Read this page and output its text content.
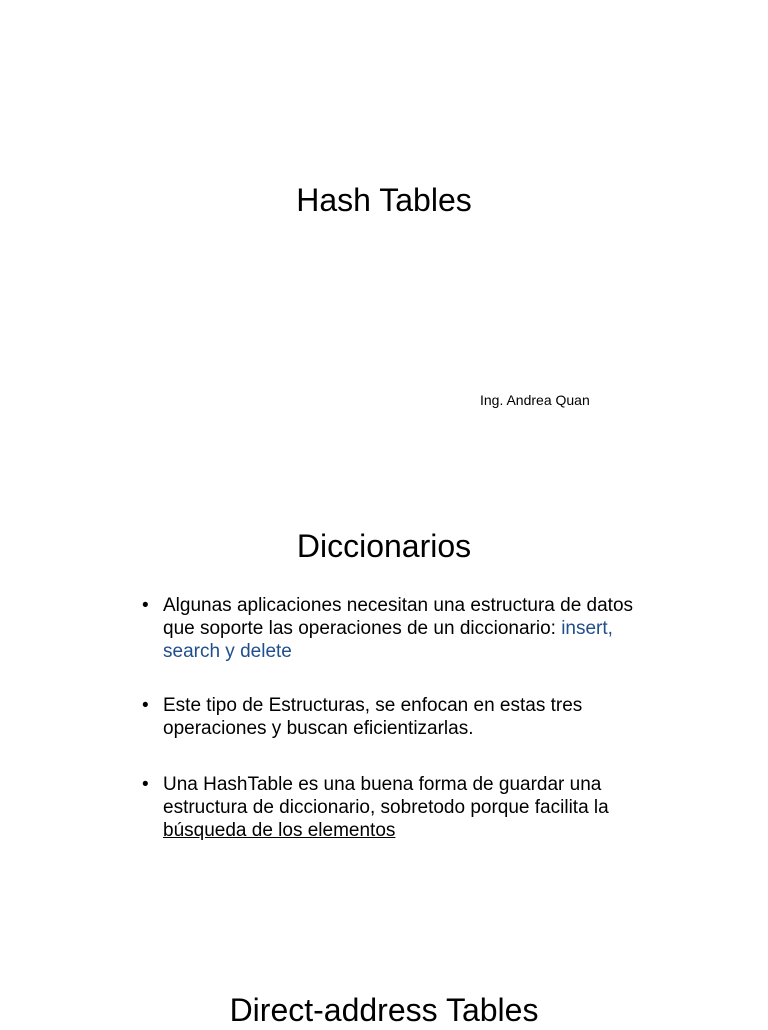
Hash Tables
Ing. Andrea Quan
Diccionarios
• Algunas aplicaciones necesitan una estructura de datos que soporte las operaciones de un diccionario: insert, search y delete
• Este tipo de Estructuras, se enfocan en estas tres operaciones y buscan eficientizarlas.
• Una HashTable es una buena forma de guardar una estructura de diccionario, sobretodo porque facilita la búsqueda de los elementos
Direct-address Tables
